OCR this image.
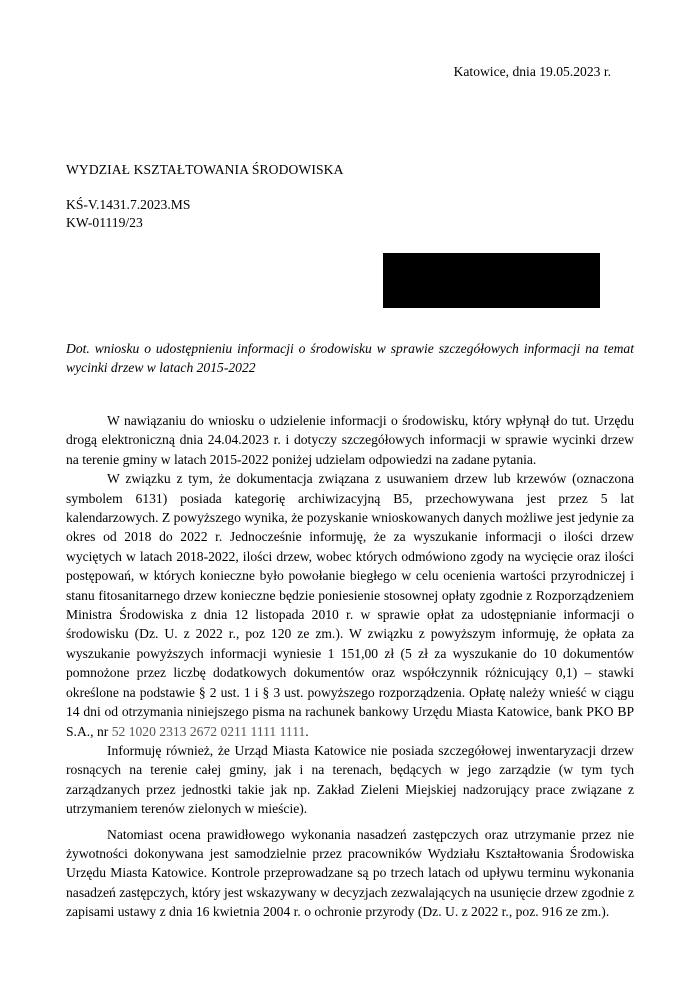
Katowice, dnia 19.05.2023 r.
WYDZIAŁ KSZTAŁTOWANIA ŚRODOWISKA
KŚ-V.1431.7.2023.MS
KW-01119/23
Dot. wniosku o udostępnieniu informacji o środowisku w sprawie szczegółowych informacji na temat wycinki drzew w latach 2015-2022

W nawiązaniu do wniosku o udzielenie informacji o środowisku, który wpłynął do tut. Urzędu drogą elektroniczną dnia 24.04.2023 r. i dotyczy szczegółowych informacji w sprawie wycinki drzew na terenie gminy w latach 2015-2022 poniżej udzielam odpowiedzi na zadane pytania.

W związku z tym, że dokumentacja związana z usuwaniem drzew lub krzewów (oznaczona symbolem 6131) posiada kategorię archiwizacyjną B5, przechowywana jest przez 5 lat kalendarzowych. Z powyższego wynika, że pozyskanie wnioskowanych danych możliwe jest jedynie za okres od 2018 do 2022 r. Jednocześnie informuję, że za wyszukanie informacji o ilości drzew wyciętych w latach 2018-2022, ilości drzew, wobec których odmówiono zgody na wycięcie oraz ilości postępowań, w których konieczne było powołanie biegłego w celu ocenienia wartości przyrodniczej i stanu fitosanitarnego drzew konieczne będzie poniesienie stosownej opłaty zgodnie z Rozporządzeniem Ministra Środowiska z dnia 12 listopada 2010 r. w sprawie opłat za udostępnianie informacji o środowisku (Dz. U. z 2022 r., poz 120 ze zm.). W związku z powyższym informuję, że opłata za wyszukanie powyższych informacji wyniesie 1 151,00 zł (5 zł za wyszukanie do 10 dokumentów pomnożone przez liczbę dodatkowych dokumentów oraz współczynnik różnicujący 0,1) – stawki określone na podstawie § 2 ust. 1 i § 3 ust. powyższego rozporządzenia. Opłatę należy wnieść w ciągu 14 dni od otrzymania niniejszego pisma na rachunek bankowy Urzędu Miasta Katowice, bank PKO BP S.A., nr 52 1020 2313 2672 0211 1111 1111.

Informuję również, że Urząd Miasta Katowice nie posiada szczegółowej inwentaryzacji drzew rosnących na terenie całej gminy, jak i na terenach, będących w jego zarządzie (w tym tych zarządzanych przez jednostki takie jak np. Zakład Zieleni Miejskiej nadzorujący prace związane z utrzymaniem terenów zielonych w mieście).

Natomiast ocena prawidłowego wykonania nasadzeń zastępczych oraz utrzymanie przez nie żywotności dokonywana jest samodzielnie przez pracowników Wydziału Kształtowania Środowiska Urzędu Miasta Katowice. Kontrole przeprowadzane są po trzech latach od upływu terminu wykonania nasadzeń zastępczych, który jest wskazywany w decyzjach zezwalających na usunięcie drzew zgodnie z zapisami ustawy z dnia 16 kwietnia 2004 r. o ochronie przyrody (Dz. U. z 2022 r., poz. 916 ze zm.).
